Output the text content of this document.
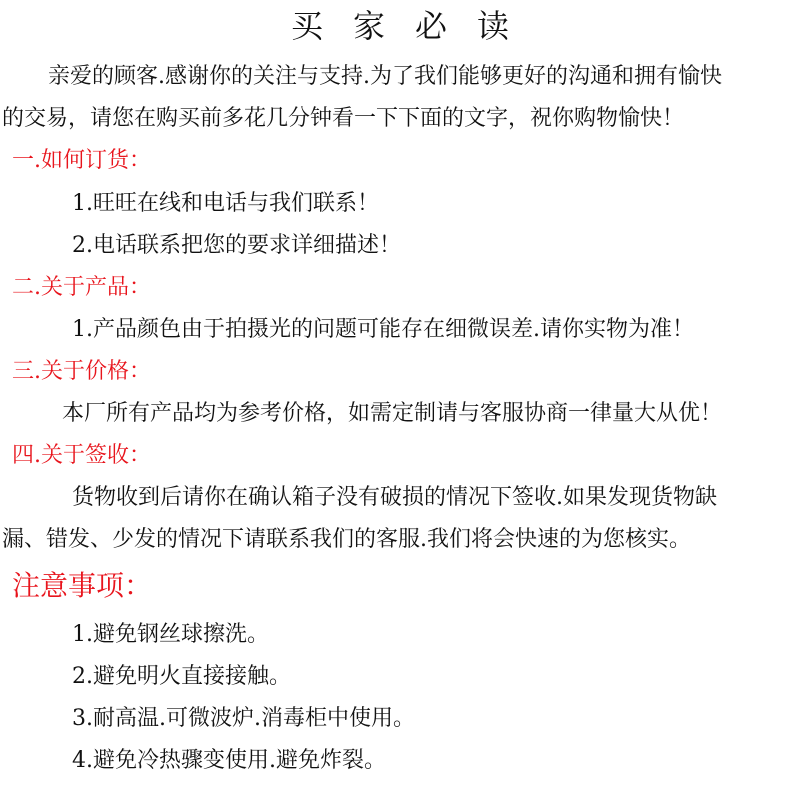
买家必读
亲爱的顾客.感谢你的关注与支持.为了我们能够更好的沟通和拥有愉快
的交易，请您在购买前多花几分钟看一下下面的文字，祝你购物愉快！
一.如何订货：
1.旺旺在线和电话与我们联系！
2.电话联系把您的要求详细描述！
二.关于产品：
1.产品颜色由于拍摄光的问题可能存在细微误差.请你实物为准！
三.关于价格：
本厂所有产品均为参考价格，如需定制请与客服协商一律量大从优！
四.关于签收：
货物收到后请你在确认箱子没有破损的情况下签收.如果发现货物缺
漏、错发、少发的情况下请联系我们的客服.我们将会快速的为您核实。
注意事项：
1.避免钢丝球擦洗。
2.避免明火直接接触。
3.耐高温.可微波炉.消毒柜中使用。
4.避免冷热骤变使用.避免炸裂。
